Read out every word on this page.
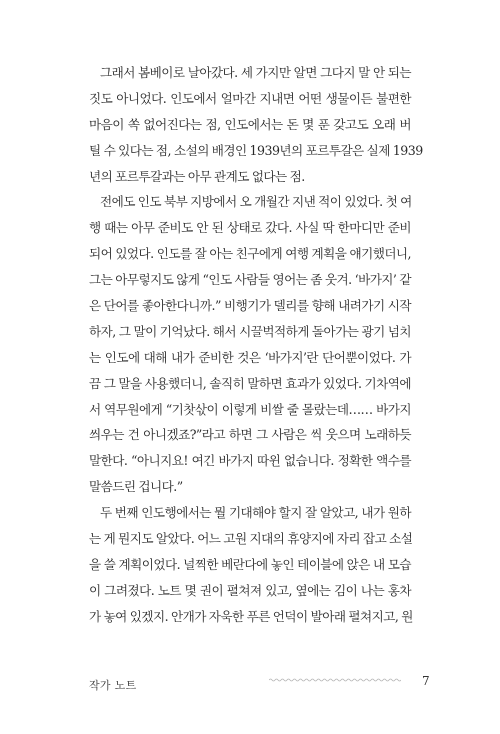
그래서 봄베이로 날아갔다. 세 가지만 알면 그다지 말 안 되는
짓도 아니었다. 인도에서 얼마간 지내면 어떤 생물이든 불편한
마음이 쏙 없어진다는 점, 인도에서는 돈 몇 푼 갖고도 오래 버
틸 수 있다는 점, 소설의 배경인 1939년의 포르투갈은 실제 1939
년의 포르투갈과는 아무 관계도 없다는 점.
전에도 인도 북부 지방에서 오 개월간 지낸 적이 있었다. 첫 여
행 때는 아무 준비도 안 된 상태로 갔다. 사실 딱 한마디만 준비
되어 있었다. 인도를 잘 아는 친구에게 여행 계획을 얘기했더니,
그는 아무렇지도 않게 “인도 사람들 영어는 좀 웃겨. ‘바가지’ 같
은 단어를 좋아한다니까.” 비행기가 델리를 향해 내려가기 시작
하자, 그 말이 기억났다. 해서 시끌벅적하게 돌아가는 광기 넘치
는 인도에 대해 내가 준비한 것은 ‘바가지’란 단어뿐이었다. 가
끔 그 말을 사용했더니, 솔직히 말하면 효과가 있었다. 기차역에
서 역무원에게 “기찻삯이 이렇게 비쌀 줄 몰랐는데…… 바가지
씌우는 건 아니겠죠?”라고 하면 그 사람은 씩 웃으며 노래하듯
말한다. “아니지요! 여긴 바가지 따윈 없습니다. 정확한 액수를
말씀드린 겁니다.”
두 번째 인도행에서는 뭘 기대해야 할지 잘 알았고, 내가 원하
는 게 뭔지도 알았다. 어느 고원 지대의 휴양지에 자리 잡고 소설
을 쓸 계획이었다. 널찍한 베란다에 놓인 테이블에 앉은 내 모습
이 그려졌다. 노트 몇 권이 펼쳐져 있고, 옆에는 김이 나는 홍차
가 놓여 있겠지. 안개가 자욱한 푸른 언덕이 발아래 펼쳐지고, 원
작가 노트	7
